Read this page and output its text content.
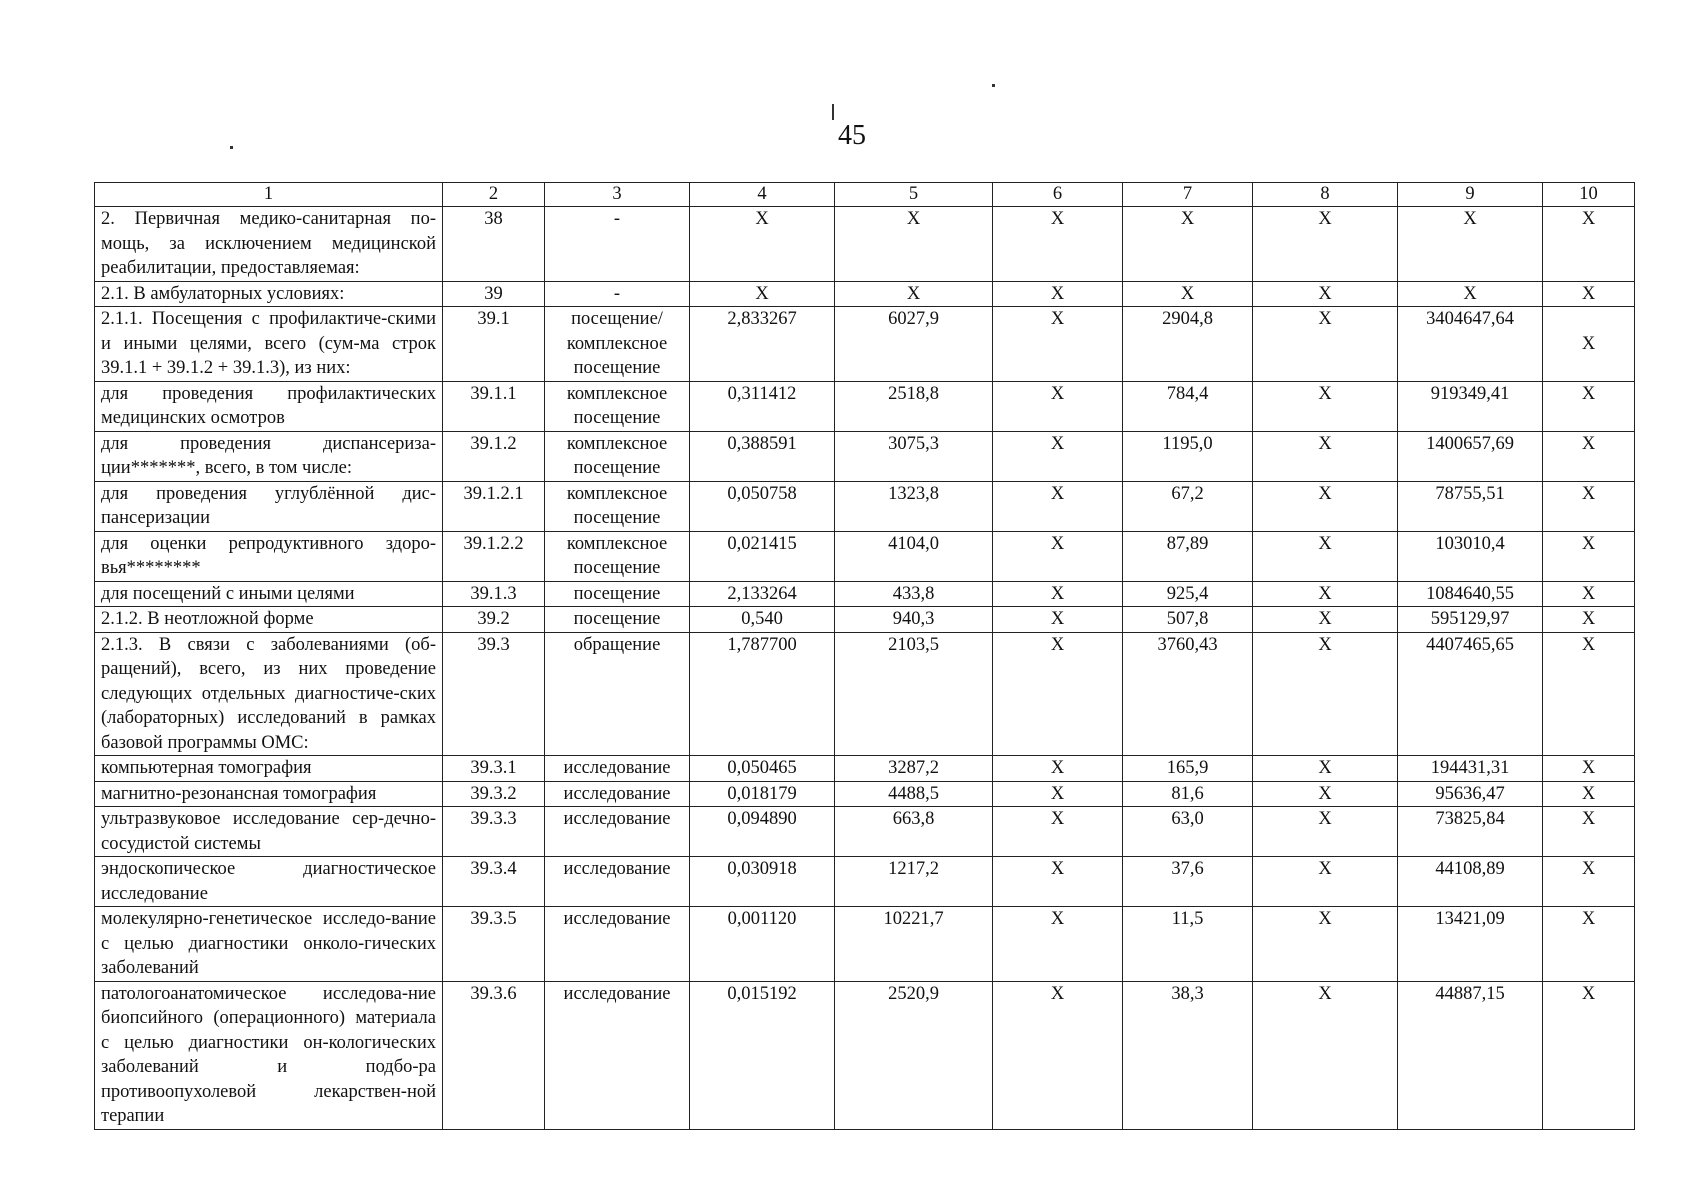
45
1	2	3	4	5	6	7	8	9	10
2. Первичная медико-санитарная по-мощь, за исключением медицинской реабилитации, предоставляемая:	38	-	Х	Х	Х	Х	Х	Х	Х
2.1. В амбулаторных условиях:	39	-	Х	Х	Х	Х	Х	Х	Х
2.1.1. Посещения с профилактиче-скими и иными целями, всего (сум-ма строк 39.1.1 + 39.1.2 + 39.1.3), из них:	39.1	посещение/ комплексное посещение	2,833267	6027,9	Х	2904,8	Х	3404647,64	Х
для проведения профилактических медицинских осмотров	39.1.1	комплексное посещение	0,311412	2518,8	Х	784,4	Х	919349,41	Х
для проведения диспансериза-ции*******, всего, в том числе:	39.1.2	комплексное посещение	0,388591	3075,3	Х	1195,0	Х	1400657,69	Х
для проведения углублённой дис-пансеризации	39.1.2.1	комплексное посещение	0,050758	1323,8	Х	67,2	Х	78755,51	Х
для оценки репродуктивного здоро-вья********	39.1.2.2	комплексное посещение	0,021415	4104,0	Х	87,89	Х	103010,4	Х
для посещений с иными целями	39.1.3	посещение	2,133264	433,8	Х	925,4	Х	1084640,55	Х
2.1.2. В неотложной форме	39.2	посещение	0,540	940,3	Х	507,8	Х	595129,97	Х
2.1.3. В связи с заболеваниями (об-ращений), всего, из них проведение следующих отдельных диагностиче-ских (лабораторных) исследований в рамках базовой программы ОМС:	39.3	обращение	1,787700	2103,5	Х	3760,43	Х	4407465,65	Х
компьютерная томография	39.3.1	исследование	0,050465	3287,2	Х	165,9	Х	194431,31	Х
магнитно-резонансная томография	39.3.2	исследование	0,018179	4488,5	Х	81,6	Х	95636,47	Х
ультразвуковое исследование сер-дечно-сосудистой системы	39.3.3	исследование	0,094890	663,8	Х	63,0	Х	73825,84	Х
эндоскопическое диагностическое исследование	39.3.4	исследование	0,030918	1217,2	Х	37,6	Х	44108,89	Х
молекулярно-генетическое исследо-вание с целью диагностики онколо-гических заболеваний	39.3.5	исследование	0,001120	10221,7	Х	11,5	Х	13421,09	Х
патологоанатомическое исследова-ние биопсийного (операционного) материала с целью диагностики он-кологических заболеваний и подбо-ра противоопухолевой лекарствен-ной терапии	39.3.6	исследование	0,015192	2520,9	Х	38,3	Х	44887,15	Х
